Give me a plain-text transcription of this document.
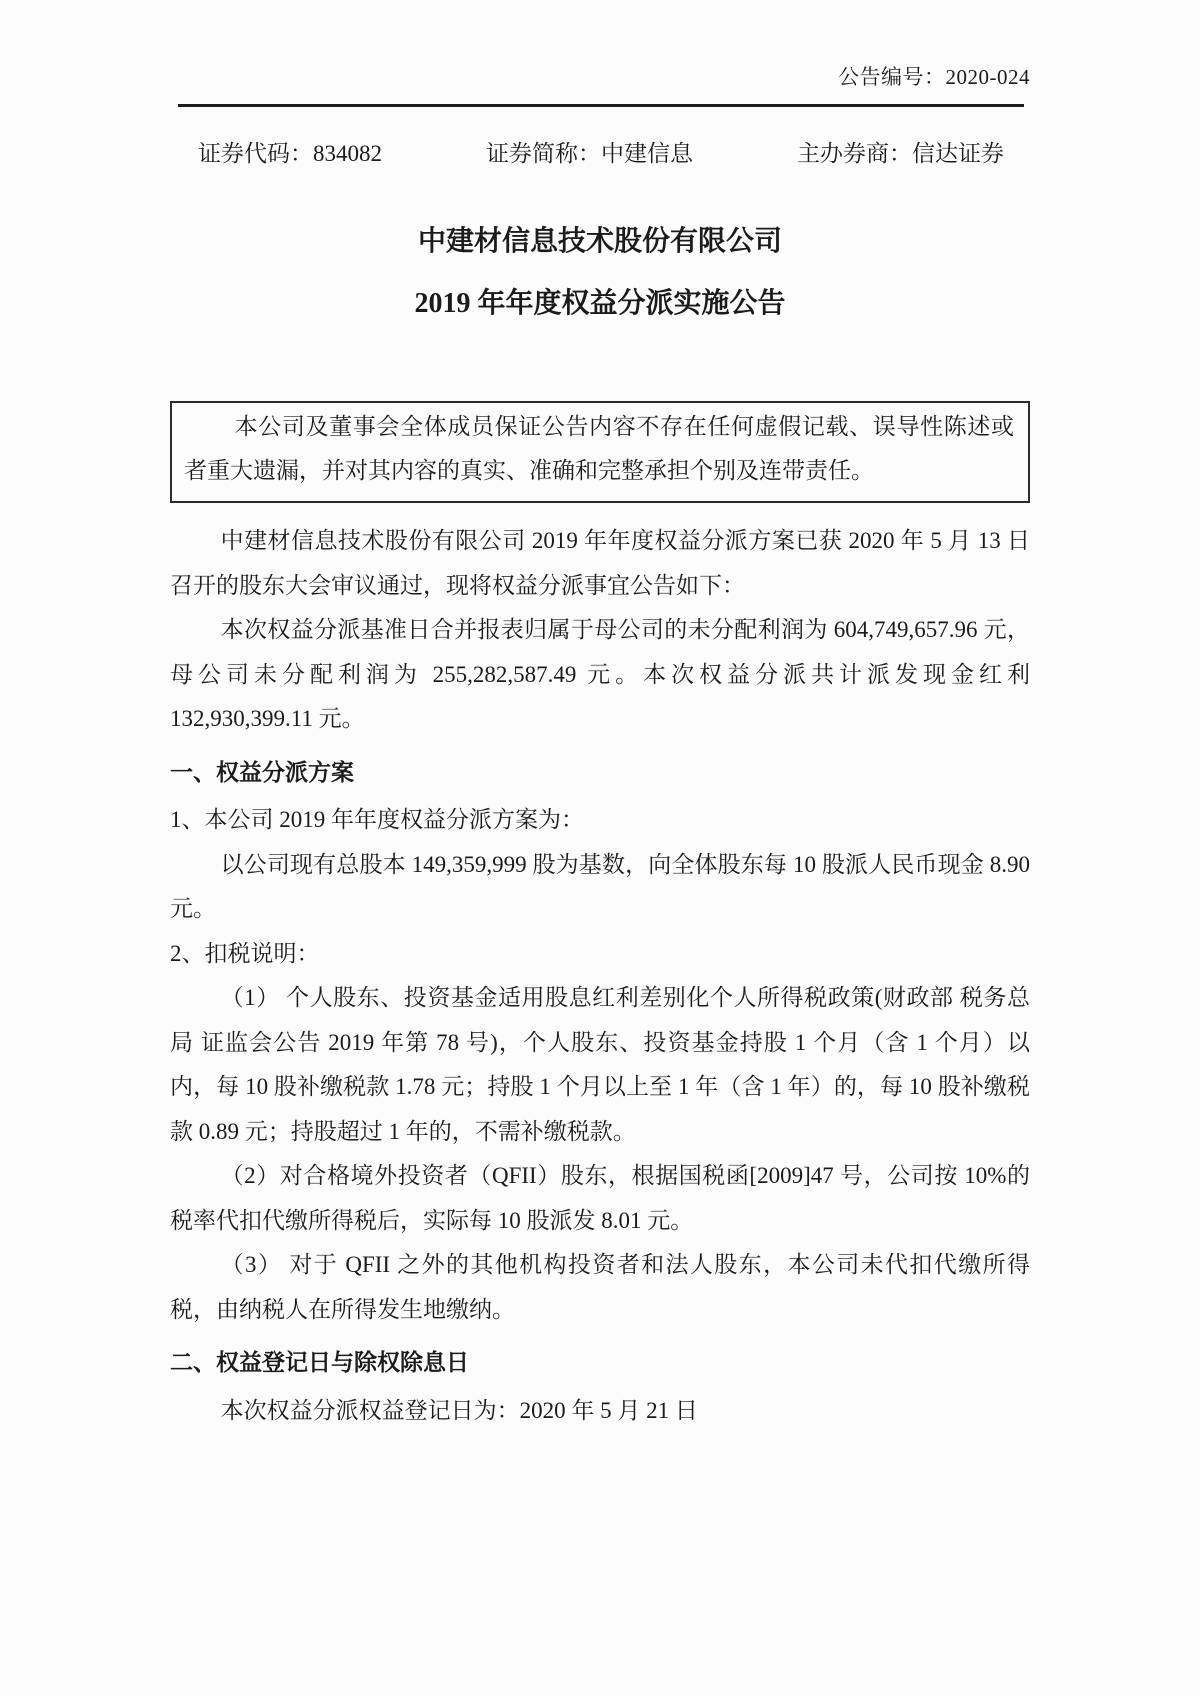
公告编号：2020-024
证券代码：834082	证券简称：中建信息	主办券商：信达证券
中建材信息技术股份有限公司
2019 年年度权益分派实施公告
本公司及董事会全体成员保证公告内容不存在任何虚假记载、误导性陈述或者重大遗漏，并对其内容的真实、准确和完整承担个别及连带责任。
中建材信息技术股份有限公司 2019 年年度权益分派方案已获 2020 年 5 月 13 日召开的股东大会审议通过，现将权益分派事宜公告如下：
本次权益分派基准日合并报表归属于母公司的未分配利润为 604,749,657.96 元，母公司未分配利润为 255,282,587.49 元。本次权益分派共计派发现金红利 132,930,399.11 元。
一、权益分派方案
1、本公司 2019 年年度权益分派方案为：
以公司现有总股本 149,359,999 股为基数，向全体股东每 10 股派人民币现金 8.90 元。
2、扣税说明：
（1） 个人股东、投资基金适用股息红利差别化个人所得税政策(财政部 税务总局 证监会公告 2019 年第 78 号)，个人股东、投资基金持股 1 个月（含 1 个月）以内，每 10 股补缴税款 1.78 元；持股 1 个月以上至 1 年（含 1 年）的，每 10 股补缴税款 0.89 元；持股超过 1 年的，不需补缴税款。
（2）对合格境外投资者（QFII）股东，根据国税函[2009]47 号，公司按 10%的税率代扣代缴所得税后，实际每 10 股派发 8.01 元。
（3） 对于 QFII 之外的其他机构投资者和法人股东，本公司未代扣代缴所得税，由纳税人在所得发生地缴纳。
二、权益登记日与除权除息日
本次权益分派权益登记日为：2020 年 5 月 21 日
